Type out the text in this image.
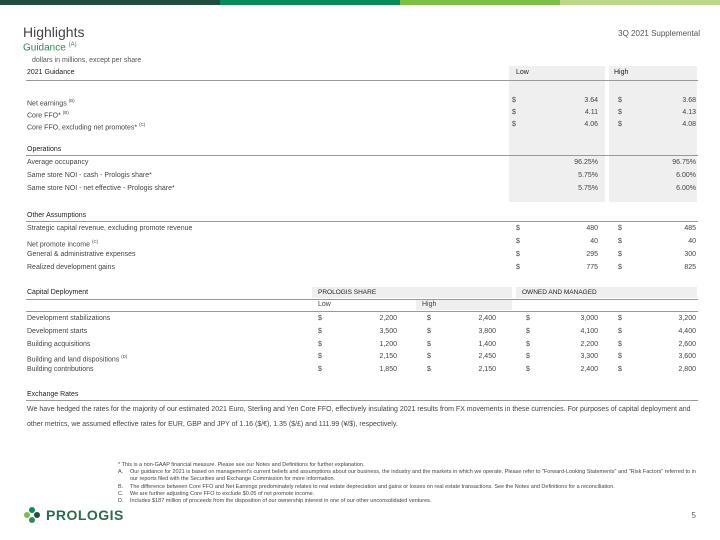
Highlights
Guidance $^{(A)}$
3Q 2021 Supplemental
dollars in millions, except per share
2021 Guidance	Low	High
Net earnings $^{(B)}$	$	3.64	$	3.68
Core FFO* $^{(B)}$	$	4.11	$	4.13
Core FFO, excluding net promotes* $^{(C)}$	$	4.06	$	4.08
Operations
Average occupancy	96.25%	96.75%
Same store NOI - cash - Prologis share*	5.75%	6.00%
Same store NOI - net effective - Prologis share*	5.75%	6.00%
Other Assumptions
Strategic capital revenue, excluding promote revenue	$	480	$	485
Net promote income $^{(C)}$	$	40	$	40
General & administrative expenses	$	295	$	300
Realized development gains	$	775	$	825
Capital Deployment	PROLOGIS SHARE	OWNED AND MANAGED
Low	High
Development stabilizations	$	2,200	$	2,400	$	3,000	$	3,200
Development starts	$	3,500	$	3,800	$	4,100	$	4,400
Building acquisitions	$	1,200	$	1,400	$	2,200	$	2,600
Building and land dispositions $^{(D)}$	$	2,150	$	2,450	$	3,300	$	3,600
Building contributions	$	1,850	$	2,150	$	2,400	$	2,800
Exchange Rates
We have hedged the rates for the majority of our estimated 2021 Euro, Sterling and Yen Core FFO, effectively insulating 2021 results from FX movements in these currencies. For purposes of capital deployment and other metrics, we assumed effective rates for EUR, GBP and JPY of 1.16 ($/€), 1.35 ($/£) and 111.99 (¥/$), respectively.
* This is a non-GAAP financial measure. Please see our Notes and Definitions for further explanation.
A. Our guidance for 2021 is based on management's current beliefs and assumptions about our business, the industry and the markets in which we operate. Please refer to "Forward-Looking Statements" and "Risk Factors" referred to in our reports filed with the Securities and Exchange Commission for more information.
B. The difference between Core FFO and Net Earnings predominately relates to real estate depreciation and gains or losses on real estate transactions. See the Notes and Definitions for a reconciliation.
C. We are further adjusting Core FFO to exclude $0.05 of net promote income.
D. Includes $187 million of proceeds from the disposition of our ownership interest in one of our other unconsolidated ventures.
PROLOGIS	5
